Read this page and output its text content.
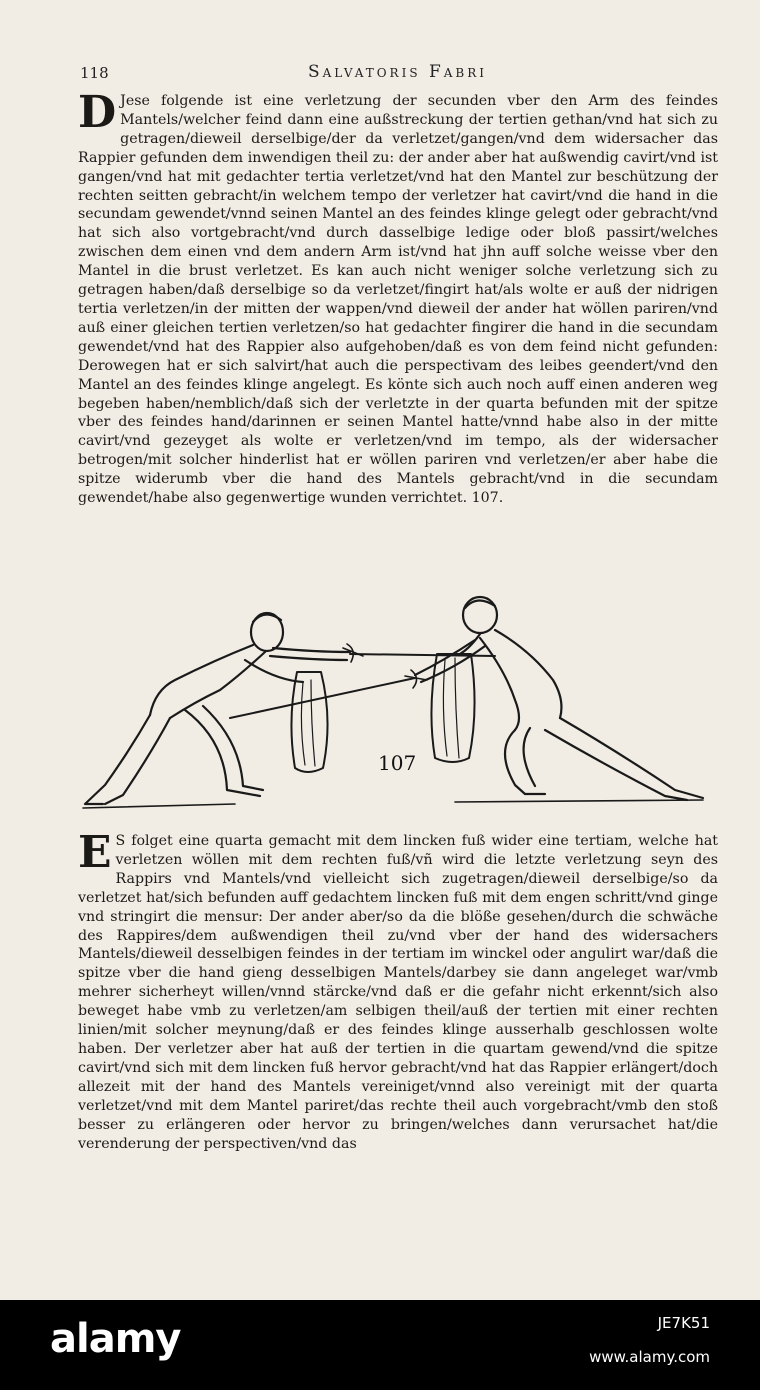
118	Salvatoris Fabri
D Jese folgende ist eine verletzung der secunden vber den Arm des feindes Mantels/welcher feind dann eine außstreckung der tertien gethan/vnd hat sich zu getragen/dieweil derselbige/der da verletzet/gangen/vnd dem widersacher das Rappier gefunden dem inwendigen theil zu: der ander aber hat außwendig cavirt/vnd ist gangen/vnd hat mit gedachter tertia verletzet/vnd hat den Mantel zur beschützung der rechten seitten gebracht/in welchem tempo der verletzer hat cavirt/vnd die hand in die secundam gewendet/vnnd seinen Mantel an des feindes klinge gelegt oder gebracht/vnd hat sich also vortgebracht/vnd durch dasselbige ledige oder bloß passirt/welches zwischen dem einen vnd dem andern Arm ist/vnd hat jhn auff solche weisse vber den Mantel in die brust verletzet. Es kan auch nicht weniger solche verletzung sich zu getragen haben/daß derselbige so da verletzet/fingirt hat/als wolte er auß der nidrigen tertia verletzen/in der mitten der wappen/vnd dieweil der ander hat wöllen pariren/vnd auß einer gleichen tertien verletzen/so hat gedachter fingirer die hand in die secundam gewendet/vnd hat des Rappier also aufgehoben/daß es von dem feind nicht gefunden: Derowegen hat er sich salvirt/hat auch die perspectivam des leibes geendert/vnd den Mantel an des feindes klinge angelegt. Es könte sich auch noch auff einen anderen weg begeben haben/nemblich/daß sich der verletzte in der quarta befunden mit der spitze vber des feindes hand/darinnen er seinen Mantel hatte/vnnd habe also in der mitte cavirt/vnd gezeyget als wolte er verletzen/vnd im tempo, als der widersacher betrogen/mit solcher hinderlist hat er wöllen pariren vnd verletzen/er aber habe die spitze widerumb vber die hand des Mantels gebracht/vnd in die secundam gewendet/habe also gegenwertige wunden verrichtet. 107.

107
E S folget eine quarta gemacht mit dem lincken fuß wider eine tertiam, welche hat verletzen wöllen mit dem rechten fuß/vñ wird die letzte verletzung seyn des Rappirs vnd Mantels/vnd vielleicht sich zugetragen/dieweil derselbige/so da verletzet hat/sich befunden auff gedachtem lincken fuß mit dem engen schritt/vnd ginge vnd stringirt die mensur: Der ander aber/so da die blöße gesehen/durch die schwäche des Rappires/dem außwendigen theil zu/vnd vber der hand des widersachers Mantels/dieweil desselbigen feindes in der tertiam im winckel oder angulirt war/daß die spitze vber die hand gieng desselbigen Mantels/darbey sie dann angeleget war/vmb mehrer sicherheyt willen/vnnd stärcke/vnd daß er die gefahr nicht erkennt/sich also beweget habe vmb zu verletzen/am selbigen theil/auß der tertien mit einer rechten linien/mit solcher meynung/daß er des feindes klinge ausserhalb geschlossen wolte haben. Der verletzer aber hat auß der tertien in die quartam gewend/vnd die spitze cavirt/vnd sich mit dem lincken fuß hervor gebracht/vnd hat das Rappier erlängert/doch allezeit mit der hand des Mantels vereiniget/vnnd also vereinigt mit der quarta verletzet/vnd mit dem Mantel pariret/das rechte theil auch vorgebracht/vmb den stoß besser zu erlängeren oder hervor zu bringen/welches dann verursachet hat/die verenderung der perspectiven/vnd das

alamy	JE7K51
www.alamy.com
